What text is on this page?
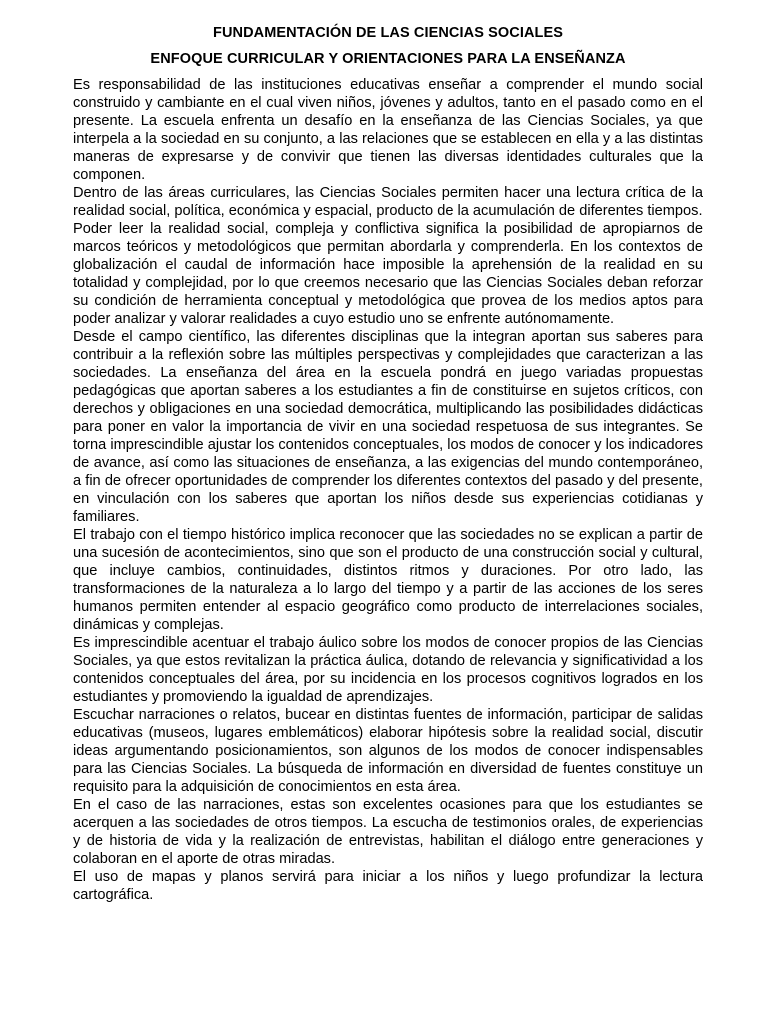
FUNDAMENTACIÓN DE LAS CIENCIAS SOCIALES
ENFOQUE CURRICULAR Y ORIENTACIONES PARA LA ENSEÑANZA

Es responsabilidad de las instituciones educativas enseñar a comprender el mundo social construido y cambiante en el cual viven niños, jóvenes y adultos, tanto en el pasado como en el presente. La escuela enfrenta un desafío en la enseñanza de las Ciencias Sociales, ya que interpela a la sociedad en su conjunto, a las relaciones que se establecen en ella y a las distintas maneras de expresarse y de convivir que tienen las diversas identidades culturales que la componen.

Dentro de las áreas curriculares, las Ciencias Sociales permiten hacer una lectura crítica de la realidad social, política, económica y espacial, producto de la acumulación de diferentes tiempos.

Poder leer la realidad social, compleja y conflictiva significa la posibilidad de apropiarnos de marcos teóricos y metodológicos que permitan abordarla y comprenderla. En los contextos de globalización el caudal de información hace imposible la aprehensión de la realidad en su totalidad y complejidad, por lo que creemos necesario que las Ciencias Sociales deban reforzar su condición de herramienta conceptual y metodológica que provea de los medios aptos para poder analizar y valorar realidades a cuyo estudio uno se enfrente autónomamente.

Desde el campo científico, las diferentes disciplinas que la integran aportan sus saberes para contribuir a la reflexión sobre las múltiples perspectivas y complejidades que caracterizan a las sociedades. La enseñanza del área en la escuela pondrá en juego variadas propuestas pedagógicas que aportan saberes a los estudiantes a fin de constituirse en sujetos críticos, con derechos y obligaciones en una sociedad democrática, multiplicando las posibilidades didácticas para poner en valor la importancia de vivir en una sociedad respetuosa de sus integrantes. Se torna imprescindible ajustar los contenidos conceptuales, los modos de conocer y los indicadores de avance, así como las situaciones de enseñanza, a las exigencias del mundo contemporáneo, a fin de ofrecer oportunidades de comprender los diferentes contextos del pasado y del presente, en vinculación con los saberes que aportan los niños desde sus experiencias cotidianas y familiares.

El trabajo con el tiempo histórico implica reconocer que las sociedades no se explican a partir de una sucesión de acontecimientos, sino que son el producto de una construcción social y cultural, que incluye cambios, continuidades, distintos ritmos y duraciones. Por otro lado, las transformaciones de la naturaleza a lo largo del tiempo y a partir de las acciones de los seres humanos permiten entender al espacio geográfico como producto de interrelaciones sociales, dinámicas y complejas.

Es imprescindible acentuar el trabajo áulico sobre los modos de conocer propios de las Ciencias Sociales, ya que estos revitalizan la práctica áulica, dotando de relevancia y significatividad a los contenidos conceptuales del área, por su incidencia en los procesos cognitivos logrados en los estudiantes y promoviendo la igualdad de aprendizajes.

Escuchar narraciones o relatos, bucear en distintas fuentes de información, participar de salidas educativas (museos, lugares emblemáticos) elaborar hipótesis sobre la realidad social, discutir ideas argumentando posicionamientos, son algunos de los modos de conocer indispensables para las Ciencias Sociales. La búsqueda de información en diversidad de fuentes constituye un requisito para la adquisición de conocimientos en esta área.

En el caso de las narraciones, estas son excelentes ocasiones para que los estudiantes se acerquen a las sociedades de otros tiempos. La escucha de testimonios orales, de experiencias y de historia de vida y la realización de entrevistas, habilitan el diálogo entre generaciones y colaboran en el aporte de otras miradas.

El uso de mapas y planos servirá para iniciar a los niños y luego profundizar la lectura cartográfica.
